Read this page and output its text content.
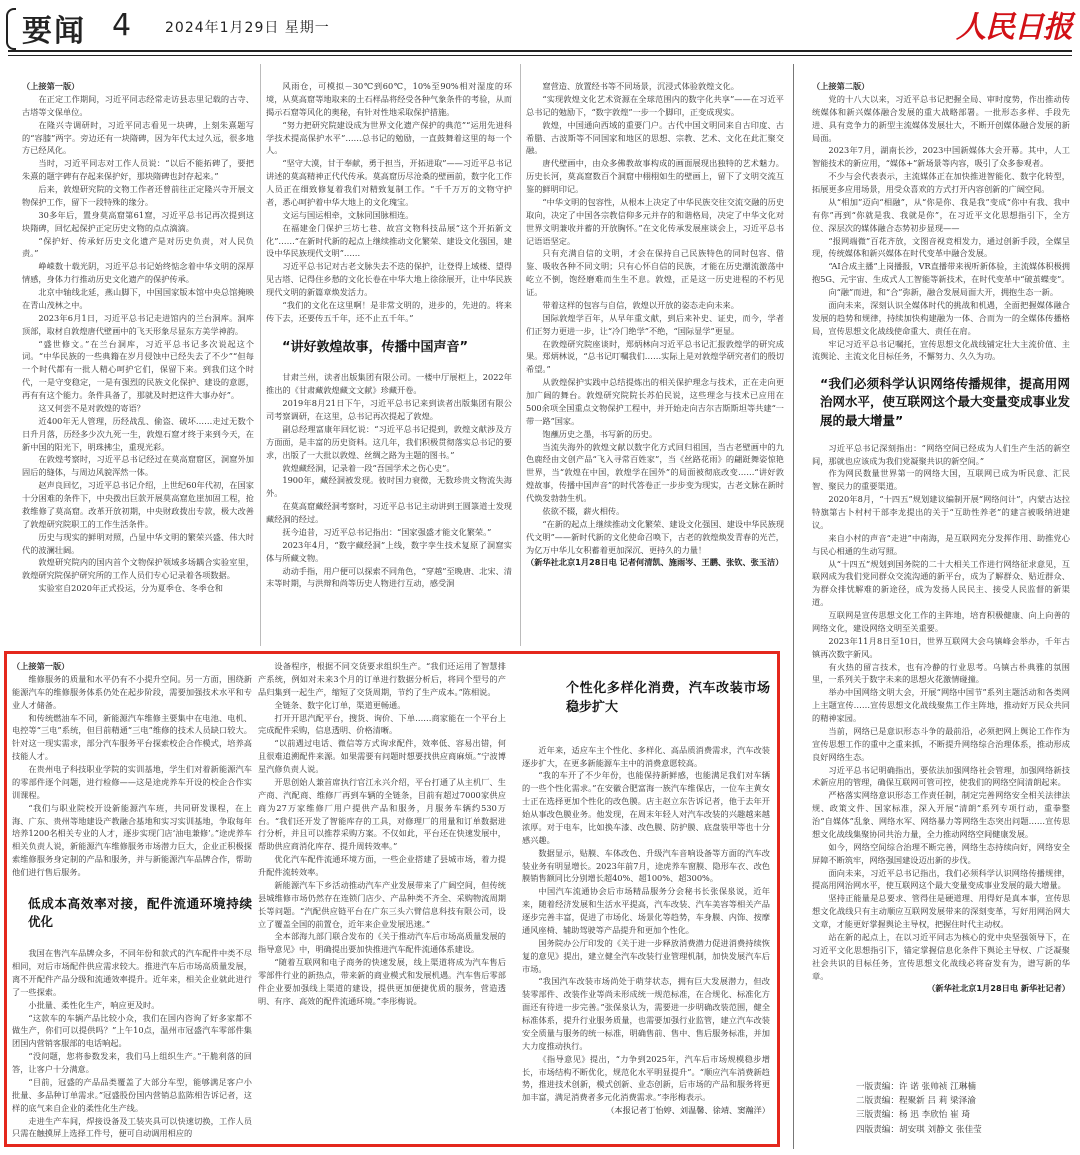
要闻 4 2024年1月29日 星期一	人民日报

（上接第一版）

在正定工作期间，习近平同志经常走访县志里记载的古寺、古塔等文保单位。

在隆兴寺调研时，习近平同志看见一块碑，上刻朱熹题写的“容膝”两字。旁边还有一块隋碑，因为年代太过久远，很多地方已经风化。

当时，习近平同志对工作人员说：“以后不能拓碑了，要把朱熹的题字碑有存起来保护好，那块隋碑也封存起来。”

后来，敦煌研究院的文物工作者还曾前往正定隆兴寺开展文物保护工作，留下一段特殊的缘分。

30多年后，置身莫高窟第61窟，习近平总书记再次提到这块隋碑，回忆起保护正定历史文物的点点滴滴。

“保护好、传承好历史文化遗产是对历史负责，对人民负责。”

峥嵘数十载光阴，习近平总书记始终惦念着中华文明的深厚情感，身体力行推动历史文化遗产的保护传承。

北京中轴线北延，燕山脚下，中国国家版本馆中央总馆掩映在青山茂林之中。

2023年6月1日，习近平总书记走进馆内的兰台洞库。洞库顶部，取材自敦煌唐代壁画中的飞天形象尽显东方美学神韵。

“盛世修文。”在兰台洞库，习近平总书记多次说起这个词。“中华民族的一些典籍在岁月侵蚀中已经失去了不少”“但每一个时代都有一批人精心呵护它们，保留下来。到我们这个时代，一是守变稳定，一是有强烈的民族文化保护、建设的意愿，再有有这个能力。条件具备了，那就及时把这件大事办好”。

这又何尝不是对敦煌的寄语？

近400年无人管理，历经战乱、偷盗、破坏……走过无数个日升月落，历经多少次九死一生，敦煌石窟才终于来到今天，在新中国的阳光下，明珠拂尘，重现光彩。

在敦煌考察时，习近平总书记经过在莫高窟窟区，洞窟外加固后的缝体，与周边风貌浑然一体。

赵声良回忆，习近平总书记介绍，上世纪60年代初，在国家十分困难的条件下，中央拨出巨款开展莫高窟危崖加固工程，抢救维修了莫高窟。改革开放初期，中央财政拨出专款，极大改善了敦煌研究院职工的工作生活条件。

历史与现实的鲜明对照，凸显中华文明的繁荣兴盛、伟大时代的波澜壮阔。

敦煌研究院内的国内首个文物保护领域多场耦合实验室里，敦煌研究院保护研究所的工作人员们专心记录着各项数据。

实验室自2020年正式投运，分为夏季仓、冬季仓和

风雨仓，可模拟－30℃到60℃，10%至90%相对湿度的环境，从莫高窟等地取来的土石样品将经受各种气象条件的考验，从而揭示石窟等风化的奥秘，有针对性地采取保护措施。

“努力把研究院建设成为世界文化遗产保护的典范”“运用先进科学技术提高保护水平”……总书记的勉励，一直鼓舞着这里的每一个人。

“坚守大漠，甘于奉献，勇于担当，开拓进取”——习近平总书记讲述的莫高精神正代代传承。莫高窟历尽沧桑的壁画前，数字化工作人员正在细致修复着我们对精致复制工作。“千千万万的文物守护者，悉心呵护着中华大地上的文化瑰宝。

文运与国运相牵，文脉同国脉相连。

在福建金门保护三坊七巷、故宫文物科技品展“这个开拓新文化”……“在新时代新的起点上继续推动文化繁荣、建设文化强国，建设中华民族现代文明”……

习近平总书记对古老文脉失去不迭的保护，让登得上域楼、望得见古塔、记得住乡愁的文化长卷在中华大地上徐徐展开，让中华民族现代文明的新篇章焕发活力。

“我们的文化在这里啊！是非常文明的，进步的，先进的。将来传下去，还要传五千年，还不止五千年。”

“讲好敦煌故事，传播中国声音”

甘肃兰州，读者出版集团有限公司。一楼中厅展柜上，2022年推出的《甘肃藏敦煌藏文文献》珍藏开卷。

2019年8月21日下午，习近平总书记来到读者出版集团有限公司考察调研，在这里，总书记再次提起了敦煌。

副总经理富康年回忆说：“习近平总书记提到，敦煌文献涉及方方面面，是丰富的历史资料。这几年，我们积极贯彻落实总书记的要求，出版了一大批以敦煌、丝绸之路为主题的图书。”

敦煌藏经洞，记录着一段“吾国学术之伤心史”。

1900年，藏经洞被发现。彼时国力衰微，无数珍贵文物流失海外。

在莫高窟藏经洞考察时，习近平总书记主动讲到王圆箓道士发现藏经洞的经过。

抚今追昔，习近平总书记指出：“国家强盛才能文化繁荣。”

2023年4月，“数字藏经洞”上线，数字孪生技术复原了洞窟实体与所藏文物。

动动手指，用户便可以探索不同角色，“穿越”至晚唐、北宋、清末等时期，与洪辩和尚等历史人物进行互动，感受洞

窟营造、放置经书等不同场景，沉浸式体验敦煌文化。

“实现敦煌文化艺术资源在全球范围内的数字化共享”——在习近平总书记的勉励下，“数字敦煌”一步一个脚印，正变成现实。

敦煌，中国通向西域的重要门户。古代中国文明同来自古印度、古希腊、古波斯等不同国家和地区的思想、宗教、艺术、文化在此汇聚交融。

唐代壁画中，由众多佛教故事构成的画面展现出独特的艺术魅力。历史长河，莫高窟数百个洞窟中栩栩如生的壁画上，留下了文明交流互鉴的鲜明印记。

“中华文明的包容性，从根本上决定了中华民族交往交流交融的历史取向，决定了中国各宗教信仰多元并存的和谐格局，决定了中华文化对世界文明兼收并蓄的开放胸怀。”在文化传承发展座谈会上，习近平总书记语语坚定。

只有充满自信的文明，才会在保持自己民族特色的同时包容、借鉴、吸收各种不同文明；只有心怀自信的民族，才能在历史潮流激荡中屹立不倒，饱经磨难而生生不息。敦煌，正是这一历史进程的不朽见证。

带着这样的包容与自信，敦煌以开放的姿态走向未来。

国际敦煌学百年，从早年重文献，到后来补史、证史，而今，学者们正努力更进一步，让“冷门绝学”不绝，“国际显学”更显。

在敦煌研究院座谈时，郑炳林向习近平总书记汇报敦煌学的研究成果。郑炳林说，“总书记叮嘱我们……实际上是对敦煌学研究者们的殷切希望。”

从敦煌保护实践中总结提炼出的相关保护理念与技术，正在走向更加广阔的舞台。敦煌研究院院长苏伯民说，这些理念与技术已应用在500余项全国重点文物保护工程中，并开始走向吉尔吉斯斯坦等共建“一带一路”国家。

饱蘸历史之墨，书写新的历史。

当流失海外的敦煌文献以数字化方式回归祖国，当古老壁画中的九色鹿经由文创产品“飞入寻常百姓家”，当《丝路花雨》的翩跹舞姿惊艳世界，当“敦煌在中国，敦煌学在国外”的局面被彻底改变……“讲好敦煌故事，传播中国声音”的时代答卷正一步步变为现实，古老文脉在新时代焕发勃勃生机。

依欲不辍，薪火相传。

“在新的起点上继续推动文化繁荣、建设文化强国、建设中华民族现代文明”——新时代新的文化使命召唤下，古老的敦煌焕发青春的光芒，为亿万中华儿女积蓄着更加深沉、更持久的力量！

（新华社北京1月28日电 记者何清凯、施雨岑、王鹏、张钦、张玉洁）

（上接第二版）

党的十八大以来，习近平总书记把握全局、审时度势，作出推动传统媒体和新兴媒体融合发展的重大战略部署。一批形态多样、手段先进、具有竞争力的新型主流媒体发展壮大，不断开创媒体融合发展的新局面。

2023年7月，湖南长沙，2023中国新媒体大会开幕。其中，人工智能技术的新应用，“媒体+”新场景等内容，吸引了众多参观者。

不少与会代表表示，主流媒体正在加快推进智能化、数字化转型，拓展更多应用场景，用受众喜欢的方式打开内容创新的广阔空间。

从“相加”迈向“相融”，从“你是你、我是我”变成“你中有我、我中有你”再到“你就是我、我就是你”，在习近平文化思想指引下，全方位、深层次的媒体融合态势初步显现——

“报网端微”百花齐放，文图音视竞相发力，通过创新手段，全媒呈现，传统媒体和新兴媒体在时代变革中融合发展。

“AI合成主播”上岗播报，VR直播带来视听新体验，主流媒体积极拥抱5G、元宇宙、生成式人工智能等新技术，在时代变革中“破茧蝶变”。

向“融”而进，和“合”弥新，融合发展局面大开，拥抱生态一新。

面向未来，深刻认识全媒体时代的挑战和机遇，全面把握媒体融合发展的趋势和规律，持续加快构建融为一体、合而为一的全媒体传播格局，宣传思想文化战线使命重大、责任在肩。

牢记习近平总书记嘱托，宣传思想文化战线铺定壮大主流价值、主流舆论、主流文化目标任务，不懈努力、久久为功。

“我们必须科学认识网络传播规律，提高用网治网水平，使互联网这个最大变量变成事业发展的最大增量”

习近平总书记深刻指出：“网络空间已经成为人们生产生活的新空间，那就也应该成为我们党凝聚共识的新空间。”

作为网民数量世界第一的网络大国，互联网已成为听民意、汇民智、聚民力的重要渠道。

2020年8月，“十四五”规划建议编制开展“网络问计”，内蒙古达拉特旗第古卜村村干部李龙提出的关于“互助性养老”的建言被吸纳进建议。

来自小村的声音“走进”中南海，是互联网充分发挥作用、助推党心与民心相通的生动写照。

从“十四五”规划到国务院的二十大相关工作进行网络征求意见，互联网成为我们党同群众交流沟通的新平台，成为了解群众、贴近群众、为群众排忧解难的新途径，成为发扬人民民主、接受人民监督的新渠道。

互联网是宣传思想文化工作的主阵地，培育积极健康、向上向善的网络文化，建设网络文明至关重要。

2023年11月8日至10日，世界互联网大会乌镇峰会举办，千年古镇再次数字新风。

有火热的留言技术，也有冷静的行业思考。乌镇古朴典雅的氛围里，一系列关于数字未来的思想火花激情碰撞。

举办中国网络文明大会，开展“网络中国节”系列主题活动和各类网上主题宣传……宣传思想文化战线聚焦工作主阵地，推动好万民众共同的精神家园。

当前，网络已是意识形态斗争的最前沿，必须把网上舆论工作作为宣传思想工作的重中之重来抓，不断提升网络综合治理体系，推动形成良好网络生态。

习近平总书记明确指出，要依法加强网络社会管理，加强网络新技术新应用的管理，确保互联网可管可控，使我们的网络空间清朗起来。

严格落实网络意识形态工作责任制，制定完善网络安全相关法律法规、政策文件、国家标准，深入开展“清朗”系列专项行动，重拳整治“自媒体”乱象、网络水军、网络暴力等网络生态突出问题……宣传思想文化战线集聚协同共治力量，全力推动网络空间健康发展。

如今，网络空间综合治理不断完善，网络生态持续向好，网络安全屏障不断筑牢，网络强国建设迈出新的步伐。

面向未来，习近平总书记指出，我们必须科学认识网络传播规律，提高用网治网水平，使互联网这个最大变量变成事业发展的最大增量。

坚持正能量是总要求、管得住是硬道理、用得好是真本事，宣传思想文化战线只有主动顺应互联网发展带来的深刻变革，写好用网治网大文章，才能更好掌握舆论主导权，把握住时代主动权。

站在新的起点上，在以习近平同志为核心的党中央坚强领导下，在习近平文化思想指引下，锚定掌握信息化条件下舆论主导权、广泛凝聚社会共识的目标任务，宣传思想文化战线必将奋发有为，谱写新的华章。

（新华社北京1月28日电 新华社记者）

（上接第一版）

维修服务的质量和水平仍有不小提升空间。另一方面，围绕新能源汽车的维修服务体系仍处在起步阶段，需要加强技术水平和专业人才储备。

和传统燃油车不同，新能源汽车维修主要集中在电池、电机、电控等“三电”系统，但目前精通“三电”维修的技术人员缺口较大。针对这一现实需求，部分汽车服务平台探索校企合作模式，培养高技能人才。

在贵州电子科技职业学院的实训基地，学生们对着新能源汽车的零部件逐个问题，进行检修——这是途虎养车开设的校企合作实训课程。

“我们与职业院校开设新能源汽车班，共同研发课程，在上海、广东、贵州等地建设产教融合基地和实习实训基地，争取每年培养1200名相关专业的人才，逐步实现门店‘油电兼修’。”途虎养车相关负责人说，新能源汽车维修服务市场潜力巨大，企业正积极探索维修服务身定制的产品和服务，并与新能源汽车品牌合作，帮助他们进行售后服务。

低成本高效率对接，配件流通环境持续优化

我国在售汽车品牌众多，不同年份和款式的汽车配件中类不尽相同，对后市场配件供应需求较大。推进汽车后市场高质量发展，离不开配件产品分级和流通效率提升。近年来，相关企业就此进行了一些探索。

小批量、柔性化生产，响应更及时。

“这款车的车辆产品比较小众，我们在国内咨询了好多家都不做生产，你们可以提供吗？”上午10点，温州市冠盛汽车零部件集团国内营销客服部的电话响起。

“没问题，您将参数发来，我们马上组织生产。”干脆利落的回答，让客户十分满意。

“目前，冠盛的产品品类覆盖了大部分车型，能够满足客户小批量、多品种订单需求。”冠盛股份国内营销总监陈相告诉记者，这样的底气来自企业的柔性化生产线。

走进生产车间，焊接设备及工装夹具可以快速切换，工作人员只需在触摸屏上选择工件号，便可自动调用相应的

设备程序，根据不同交货要求组织生产。“我们还运用了智慧排产系统，例如对未来3个月的订单进行数据分析后，将同个型号的产品归集到一起生产，缩短了交货周期，节约了生产成本。”陈相说。

全链条、数字化订单，渠道更畅通。

打开开思汽配平台，搜货、询价、下单……商家能在一个平台上完成配件采购，信息透明、价格清晰。

“以前遇过电话、微信等方式询求配件，效率低、容易出错，何且很难追溯配件来源。如果需要有问题时想要找供应商麻烦。”宁波博星汽修负责人说。

开思创始人兼首席执行官江永兴介绍，平台打通了从主机厂、生产商、汽配商、维修厂再到车辆的全链条，目前有超过7000家供应商为27万家维修厂用户提供产品和服务，月服务车辆约530万台。“我们还开发了智能库存的工具，对修理厂的用量和订单数据进行分析，并且可以推荐采购方案。不仅如此，平台还在快速发展中，帮助供应商消化库存、提升周转效率。”

优化汽车配件流通环境方面，一些企业搭建了县城市场，着力提升配件流转效率。

新能源汽车下乡活动推动汽车产业发展带来了广阔空间，但传统县城维修市场仍然存在连锁门店少、产品种类不齐全、采购物流周期长等问题。“汽配供应链平台在广东三头六臂信息科技有限公司，设立了覆盖全国的前置仓，近年来企业发展迅速。”

全本部海九部门联合发布的《关于推动汽车后市场高质量发展的指导意见》中，明确提出要加快推进汽车配件流通体系建设。

“随着互联网和电子商务的快速发展，线上渠道将成为汽车售后零部件行业的新热点，带来新的商业模式和发展机遇。汽车售后零部件企业要加强线上渠道的建设，提供更加便捷优质的服务，营造透明、有序、高效的配件流通环境。”李彤梅说。

个性化多样化消费，汽车改装市场稳步扩大

近年来，适应车主个性化、多样化、高品质消费需求，汽车改装逐步扩大，在更多新能源车主中的消费意愿较高。

“我的车开了不少年份，也能保持新鲜感，也能满足我们对车辆的一些个性化需求。”在安徽合肥富海一族汽车维保店，一位车主黄女士正在选择更加个性化的改色膜。店主赵立东告诉记者，他于去年开始从事改色膜业务。他发现，在周末年轻人对汽车改装的兴趣越来越浓厚。对于电车，比如换车漆、改色膜、防护膜、底盘装甲等也十分感兴趣。

数据显示，贴膜、车体改色、升级汽车音响设备等方面的汽车改装业务有明显增长。2023年前7月，途虎养车窗膜、隐形车衣、改色膜销售额同比分别增长超40%、超100%、超300%。

中国汽车流通协会后市场精品服务分会秘书长张保泉说，近年来，随着经济发展和生活水平提高，汽车改装、汽车美容等相关产品逐步完善丰富，促进了市场化、场景化等趋势，车身膜、内饰、按摩通风座椅、辅助驾驶等产品提升和更加个性化。

国务院办公厅印发的《关于进一步释放消费潜力促进消费持续恢复的意见》提出，建立健全汽车改装行业管理机制，加快发展汽车后市场。

“我国汽车改装市场尚处于萌芽状态，拥有巨大发展潜力，但改装零部件、改装作业等尚未形成统一规范标准，在合规化、标准化方面还有待进一步完善。”张保泉认为，需要进一步明确改装范围，健全标准体系，提升行业服务质量，也需要加强行业监管，建立汽车改装安全质量与服务的统一标准，明确售前、售中、售后服务标准，并加大力度推动执行。

《指导意见》提出，“力争到2025年，汽车后市场规模稳步增长，市场结构不断优化，规范化水平明显提升”。“顺应汽车消费新趋势，推进技术创新，模式创新、业态创新，后市场的产品和服务将更加丰富，满足消费者多元化消费需求。”李彤梅表示。

（本报记者丁怡婷、刘温馨、徐靖、窦瀚洋）

一版责编：许 诺 张帅祯 江琳楠
二版责编：程聚新 吕 莉 梁泽渝
三版责编：杨 迅 李欣怡 崔 琦
四版责编：胡安琪 刘静文 张佳莹
